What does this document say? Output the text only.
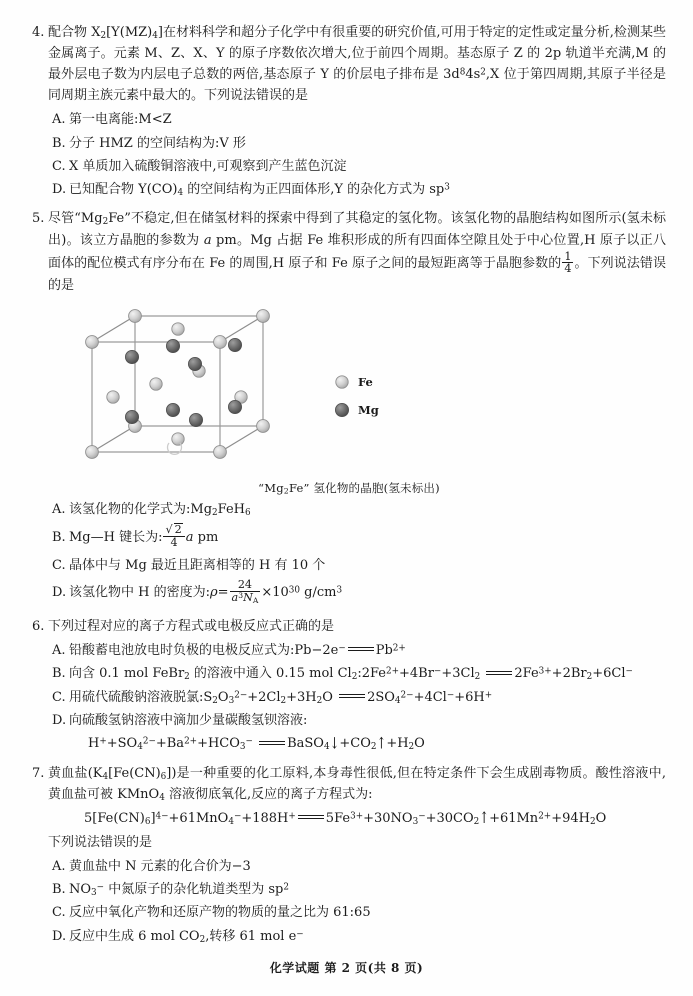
4. 配合物 $X_2[Y(MZ)_4]$在材料科学和超分子化学中有很重要的研究价值,可用于特定的定性或定量分析,检测某些金属离子。元素 M、Z、X、Y 的原子序数依次增大,位于前四个周期。基态原子 Z 的 2p 轨道半充满,M 的最外层电子数为内层电子总数的两倍,基态原子 Y 的价层电子排布是 $3d^84s^2,X$ 位于第四周期,其原子半径是同周期主族元素中最大的。下列说法错误的是
A. 第一电离能:M<Z
B. 分子 HMZ 的空间结构为:V 形
C. X 单质加入硫酸铜溶液中,可观察到产生蓝色沉淀
D. 已知配合物 $Y(CO)_4$ 的空间结构为正四面体形,Y 的杂化方式为 $sp^3$
5. 尽管“$Mg_2Fe$”不稳定,但在储氢材料的探索中得到了其稳定的氢化物。该氢化物的晶胞结构如图所示(氢未标出)。该立方晶胞的参数为 a pm。Mg 占据 Fe 堆积形成的所有四面体空隙且处于中心位置,H 原子以正八面体的配位模式有序分布在 Fe 的周围,H 原子和 Fe 原子之间的最短距离等于晶胞参数的 $\frac{1}{4}$ 。下列说法错误的是
Fe
Mg
“$Mg_2Fe$” 氢化物的晶胞(氢未标出)
A. 该氢化物的化学式为$:Mg_2FeH_6$
B. Mg—H 键长为: $\frac{√ 2}{4}$ a pm
C. 晶体中与 Mg 最近且距离相等的 H 有 10 个
D. 该氢化物中 H 的密度为:ρ= $\frac{24}{a^3N_A} \times 10^{30}$ $g/cm^3$
6. 下列过程对应的离子方程式或电极反应式正确的是
A. 铅酸蓄电池放电时负极的电极反应式为:Pb−2e− $Pb^{2+}$
B. 向含 0.1 mol FeBr$_2$ 的溶液中通入 0.15 mol $Cl_2:2Fe^{2+}+4Br^-+3Cl_2$	$2Fe^{3+}+2Br_2+6Cl^-$
C. 用硫代硫酸钠溶液脱氯$:S_2O_3^{2-}+2Cl_2+3H_2O$ $2SO_4^{2-}+4Cl^-+6H^+$
D. 向硫酸氢钠溶液中滴加少量碳酸氢钡溶液:
$H^++SO_4^{2-}+Ba^{2+}+HCO_3^-$	$BaSO_4↓+CO_2↑+H_2O$
7. 黄血盐$(K_4[Fe(CN)_6])$是一种重要的化工原料,本身毒性很低,但在特定条件下会生成剧毒物质。酸性溶液中,黄血盐可被 KMnO$_4$ 溶液彻底氧化,反应的离子方程式为:
$5[Fe(CN)_6]^{4-}+61MnO_4^-+188H^+$ $5Fe^{3+}+30NO_3^-+30CO_2↑+61Mn^{2+}+94H_2O$
下列说法错误的是
A. 黄血盐中 N 元素的化合价为−3
B. $NO_3^-$ 中氮原子的杂化轨道类型为 $sp^2$
C. 反应中氧化产物和还原产物的物质的量之比为 61:65
D. 反应中生成 6 mol $CO_2$,转移 61 mol e−
化学试题 第 2 页(共 8 页)
